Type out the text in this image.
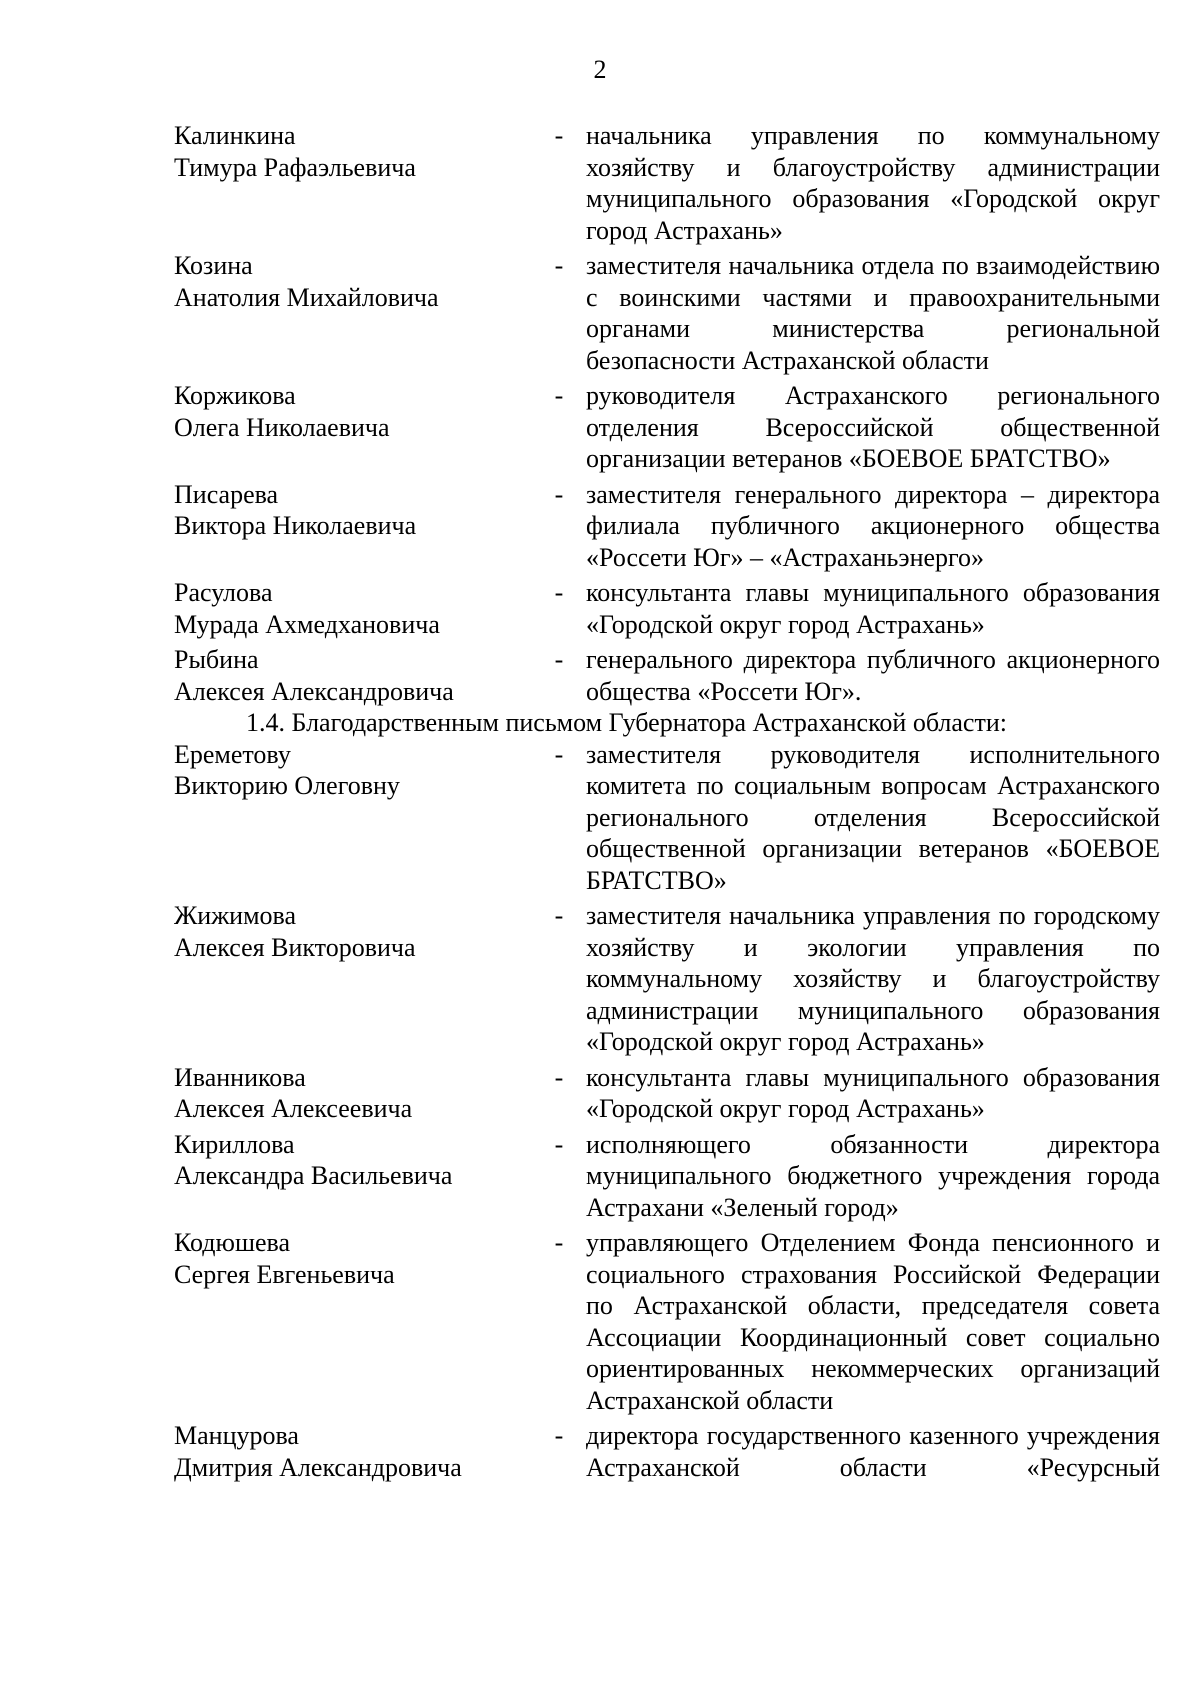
2
Калинкина
Тимура Рафаэльевича
- начальника управления по коммунальному хозяйству и благоустройству администрации муниципального образования «Городской округ город Астрахань»
Козина
Анатолия Михайловича
- заместителя начальника отдела по взаимодействию с воинскими частями и правоохранительными органами министерства региональной безопасности Астраханской области
Коржикова
Олега Николаевича
- руководителя Астраханского регионального отделения Всероссийской общественной организации ветеранов «БОЕВОЕ БРАТСТВО»
Писарева
Виктора Николаевича
- заместителя генерального директора – директора филиала публичного акционерного общества «Россети Юг» – «Астраханьэнерго»
Расулова
Мурада Ахмедхановича
- консультанта главы муниципального образования «Городской округ город Астрахань»
Рыбина
Алексея Александровича
- генерального директора публичного акционерного общества «Россети Юг».
1.4. Благодарственным письмом Губернатора Астраханской области:
Ереметову
Викторию Олеговну
- заместителя руководителя исполнительного комитета по социальным вопросам Астраханского регионального отделения Всероссийской общественной организации ветеранов «БОЕВОЕ БРАТСТВО»
Жижимова
Алексея Викторовича
- заместителя начальника управления по городскому хозяйству и экологии управления по коммунальному хозяйству и благоустройству администрации муниципального образования «Городской округ город Астрахань»
Иванникова
Алексея Алексеевича
- консультанта главы муниципального образования «Городской округ город Астрахань»
Кириллова
Александра Васильевича
- исполняющего обязанности директора муниципального бюджетного учреждения города Астрахани «Зеленый город»
Кодюшева
Сергея Евгеньевича
- управляющего Отделением Фонда пенсионного и социального страхования Российской Федерации по Астраханской области, председателя совета Ассоциации Координационный совет социально ориентированных некоммерческих организаций Астраханской области
Манцурова
Дмитрия Александровича
- директора государственного казенного учреждения Астраханской области «Ресурсный
